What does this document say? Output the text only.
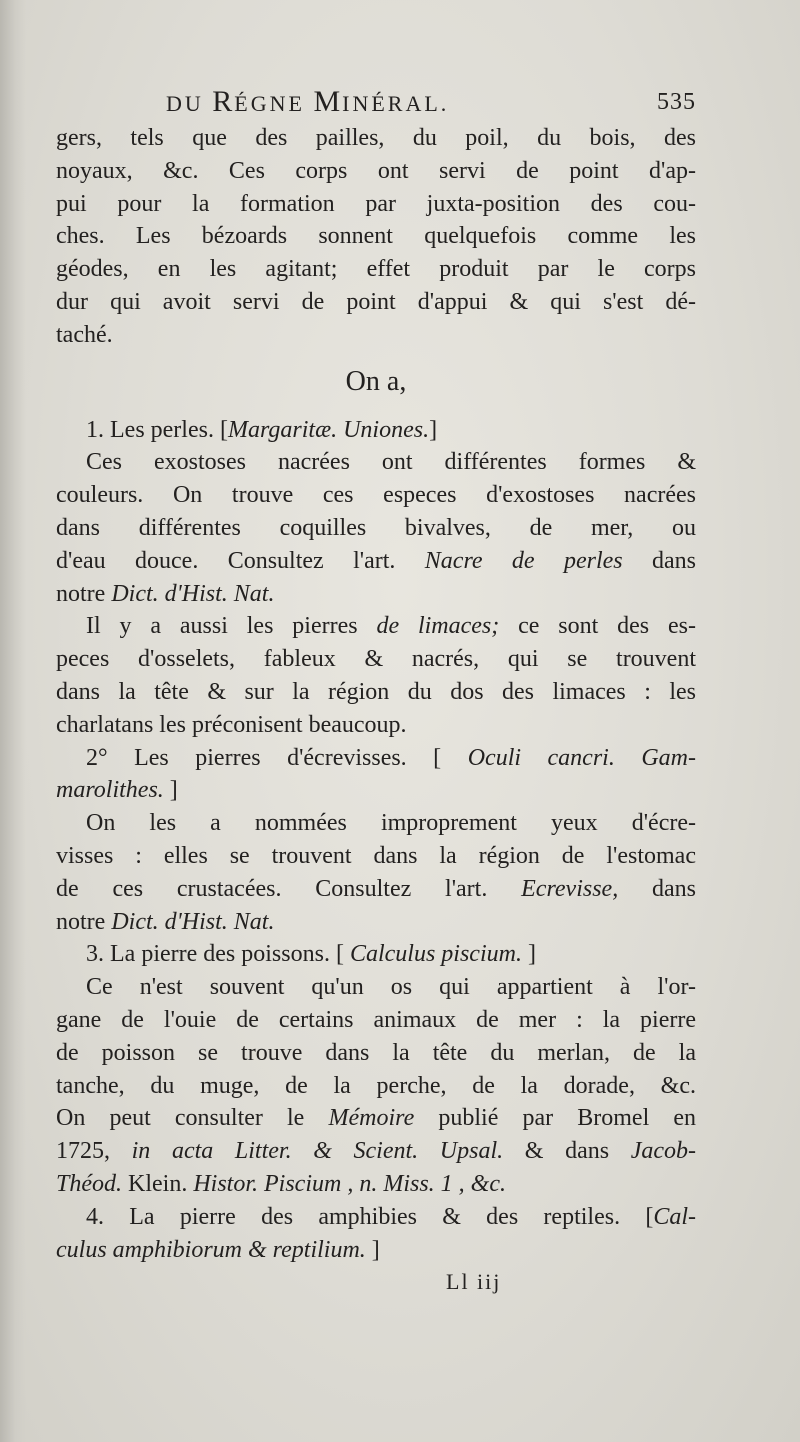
DU RÉGNE MINÉRAL.	535
gers, tels que des pailles, du poil, du bois, des
noyaux, &c. Ces corps ont servi de point d'ap-
pui pour la formation par juxta-position des cou-
ches. Les bézoards sonnent quelquefois comme les
géodes, en les agitant; effet produit par le corps
dur qui avoit servi de point d'appui & qui s'est dé-
taché.
On a,
1. Les perles. [Margaritæ. Uniones.]
Ces exostoses nacrées ont différentes formes &
couleurs. On trouve ces especes d'exostoses nacrées
dans différentes coquilles bivalves, de mer, ou
d'eau douce. Consultez l'art. Nacre de perles dans
notre Dict. d'Hist. Nat.
Il y a aussi les pierres de limaces; ce sont des es-
peces d'osselets, fableux & nacrés, qui se trouvent
dans la tête & sur la région du dos des limaces : les
charlatans les préconisent beaucoup.
2° Les pierres d'écrevisses. [ Oculi cancri. Gam-
marolithes. ]
On les a nommées improprement yeux d'écre-
visses : elles se trouvent dans la région de l'estomac
de ces crustacées. Consultez l'art. Ecrevisse, dans
notre Dict. d'Hist. Nat.
3. La pierre des poissons. [ Calculus piscium. ]
Ce n'est souvent qu'un os qui appartient à l'or-
gane de l'ouie de certains animaux de mer : la pierre
de poisson se trouve dans la tête du merlan, de la
tanche, du muge, de la perche, de la dorade, &c.
On peut consulter le Mémoire publié par Bromel en
1725, in acta Litter. & Scient. Upsal. & dans Jacob-
Théod. Klein. Histor. Piscium , n. Miss. 1 , &c.
4. La pierre des amphibies & des reptiles. [Cal-
culus amphibiorum & reptilium. ]
Ll iij
